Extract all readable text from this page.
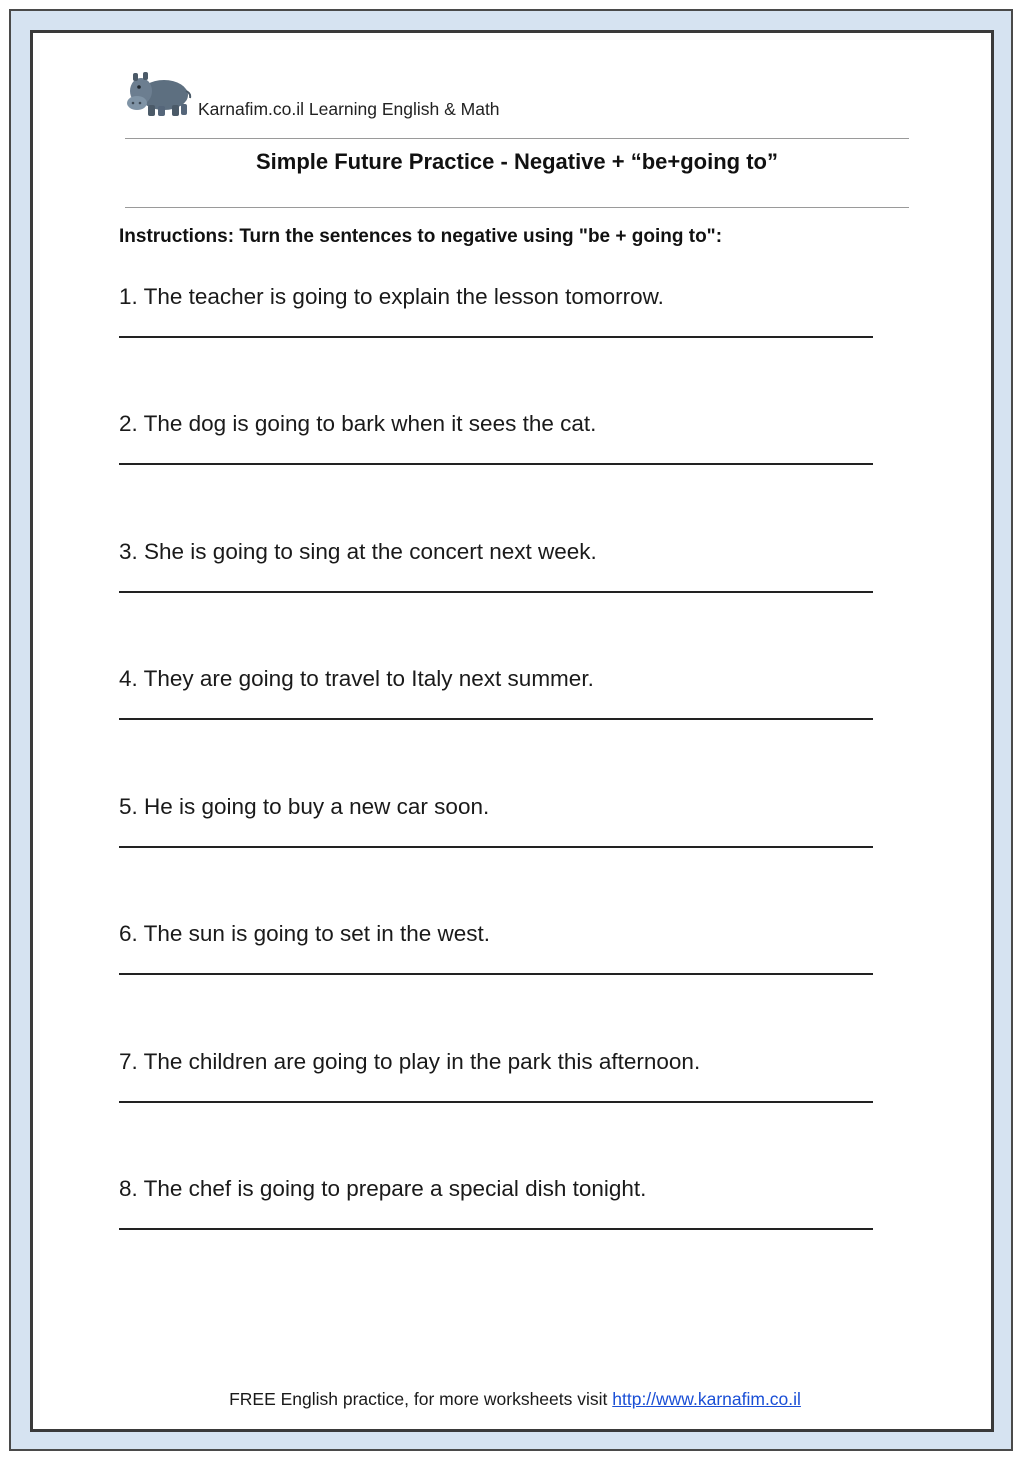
Karnafim.co.il Learning English & Math
Simple Future Practice - Negative + “be+going to”
Instructions: Turn the sentences to negative using "be + going to":
1. The teacher is going to explain the lesson tomorrow.
2. The dog is going to bark when it sees the cat.
3. She is going to sing at the concert next week.
4. They are going to travel to Italy next summer.
5. He is going to buy a new car soon.
6. The sun is going to set in the west.
7. The children are going to play in the park this afternoon.
8. The chef is going to prepare a special dish tonight.
FREE English practice, for more worksheets visit http://www.karnafim.co.il
